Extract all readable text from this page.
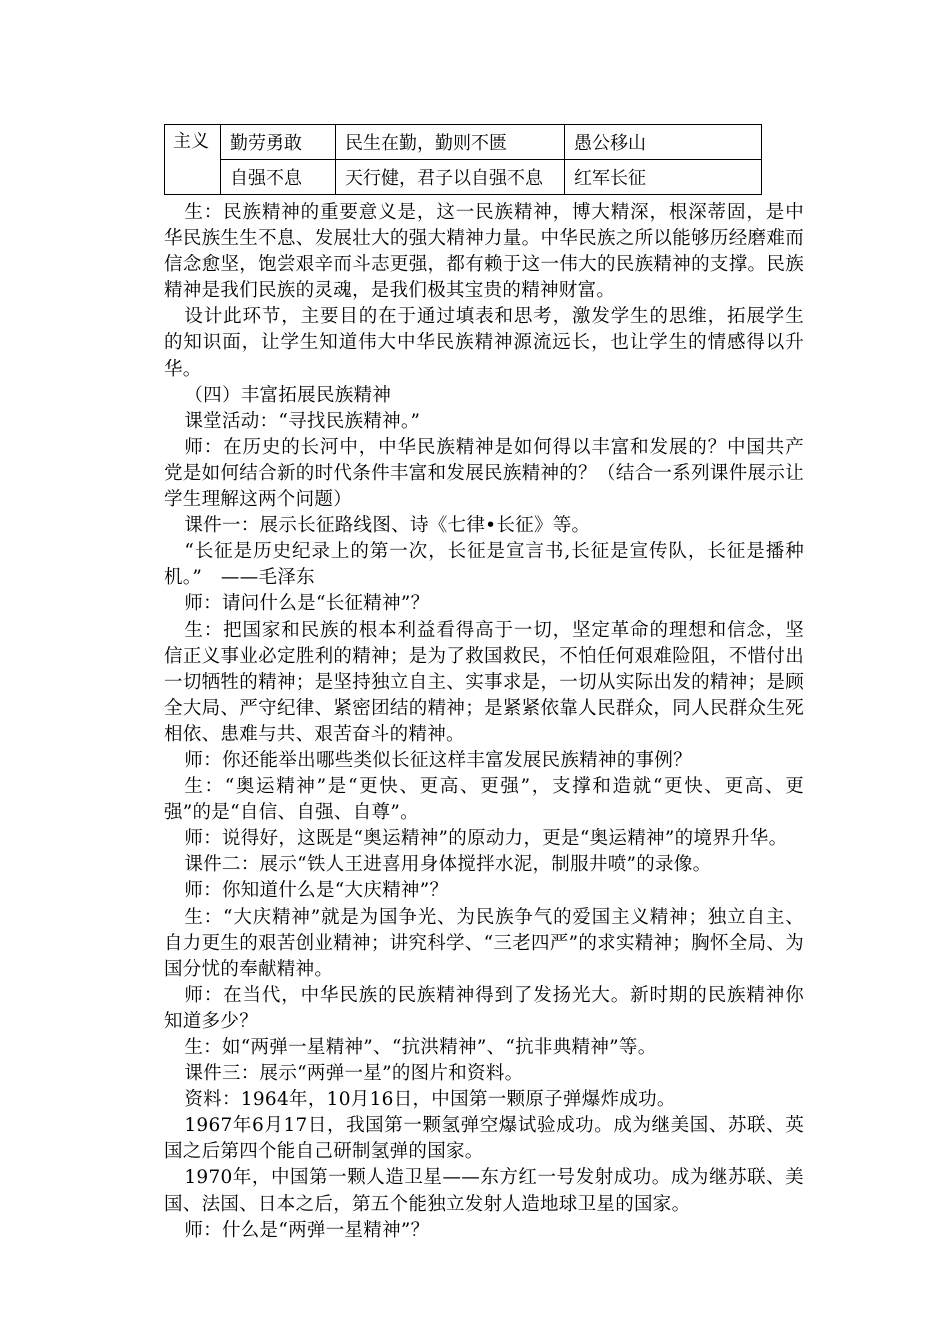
主义	勤劳勇敢	民生在勤，勤则不匮	愚公移山
	自强不息	天行健，君子以自强不息	红军长征

生：民族精神的重要意义是，这一民族精神，博大精深，根深蒂固，是中华民族生生不息、发展壮大的强大精神力量。中华民族之所以能够历经磨难而信念愈坚，饱尝艰辛而斗志更强，都有赖于这一伟大的民族精神的支撑。民族精神是我们民族的灵魂，是我们极其宝贵的精神财富。

设计此环节，主要目的在于通过填表和思考，激发学生的思维，拓展学生的知识面，让学生知道伟大中华民族精神源流远长，也让学生的情感得以升华。

（四）丰富拓展民族精神

课堂活动：“寻找民族精神。”

师：在历史的长河中，中华民族精神是如何得以丰富和发展的？中国共产党是如何结合新的时代条件丰富和发展民族精神的？（结合一系列课件展示让学生理解这两个问题）

课件一：展示长征路线图、诗《七律•长征》等。

“长征是历史纪录上的第一次，长征是宣言书,长征是宣传队，长征是播种机。”　——毛泽东

师：请问什么是“长征精神”？

生：把国家和民族的根本利益看得高于一切，坚定革命的理想和信念，坚信正义事业必定胜利的精神；是为了救国救民，不怕任何艰难险阻，不惜付出一切牺牲的精神；是坚持独立自主、实事求是，一切从实际出发的精神；是顾全大局、严守纪律、紧密团结的精神；是紧紧依靠人民群众，同人民群众生死相依、患难与共、艰苦奋斗的精神。

师：你还能举出哪些类似长征这样丰富发展民族精神的事例？

生：“奥运精神”是“更快、更高、更强”，支撑和造就“更快、更高、更强”的是“自信、自强、自尊”。

师：说得好，这既是“奥运精神”的原动力，更是“奥运精神”的境界升华。

课件二：展示“铁人王进喜用身体搅拌水泥，制服井喷”的录像。

师：你知道什么是“大庆精神”？

生：“大庆精神”就是为国争光、为民族争气的爱国主义精神；独立自主、自力更生的艰苦创业精神；讲究科学、“三老四严”的求实精神；胸怀全局、为国分忧的奉献精神。

师：在当代，中华民族的民族精神得到了发扬光大。新时期的民族精神你知道多少？

生：如“两弹一星精神”、“抗洪精神”、“抗非典精神”等。

课件三：展示“两弹一星”的图片和资料。

资料：1964年，10月16日，中国第一颗原子弹爆炸成功。

1967年6月17日，我国第一颗氢弹空爆试验成功。成为继美国、苏联、英国之后第四个能自己研制氢弹的国家。

1970年，中国第一颗人造卫星——东方红一号发射成功。成为继苏联、美国、法国、日本之后，第五个能独立发射人造地球卫星的国家。

师：什么是“两弹一星精神”？
